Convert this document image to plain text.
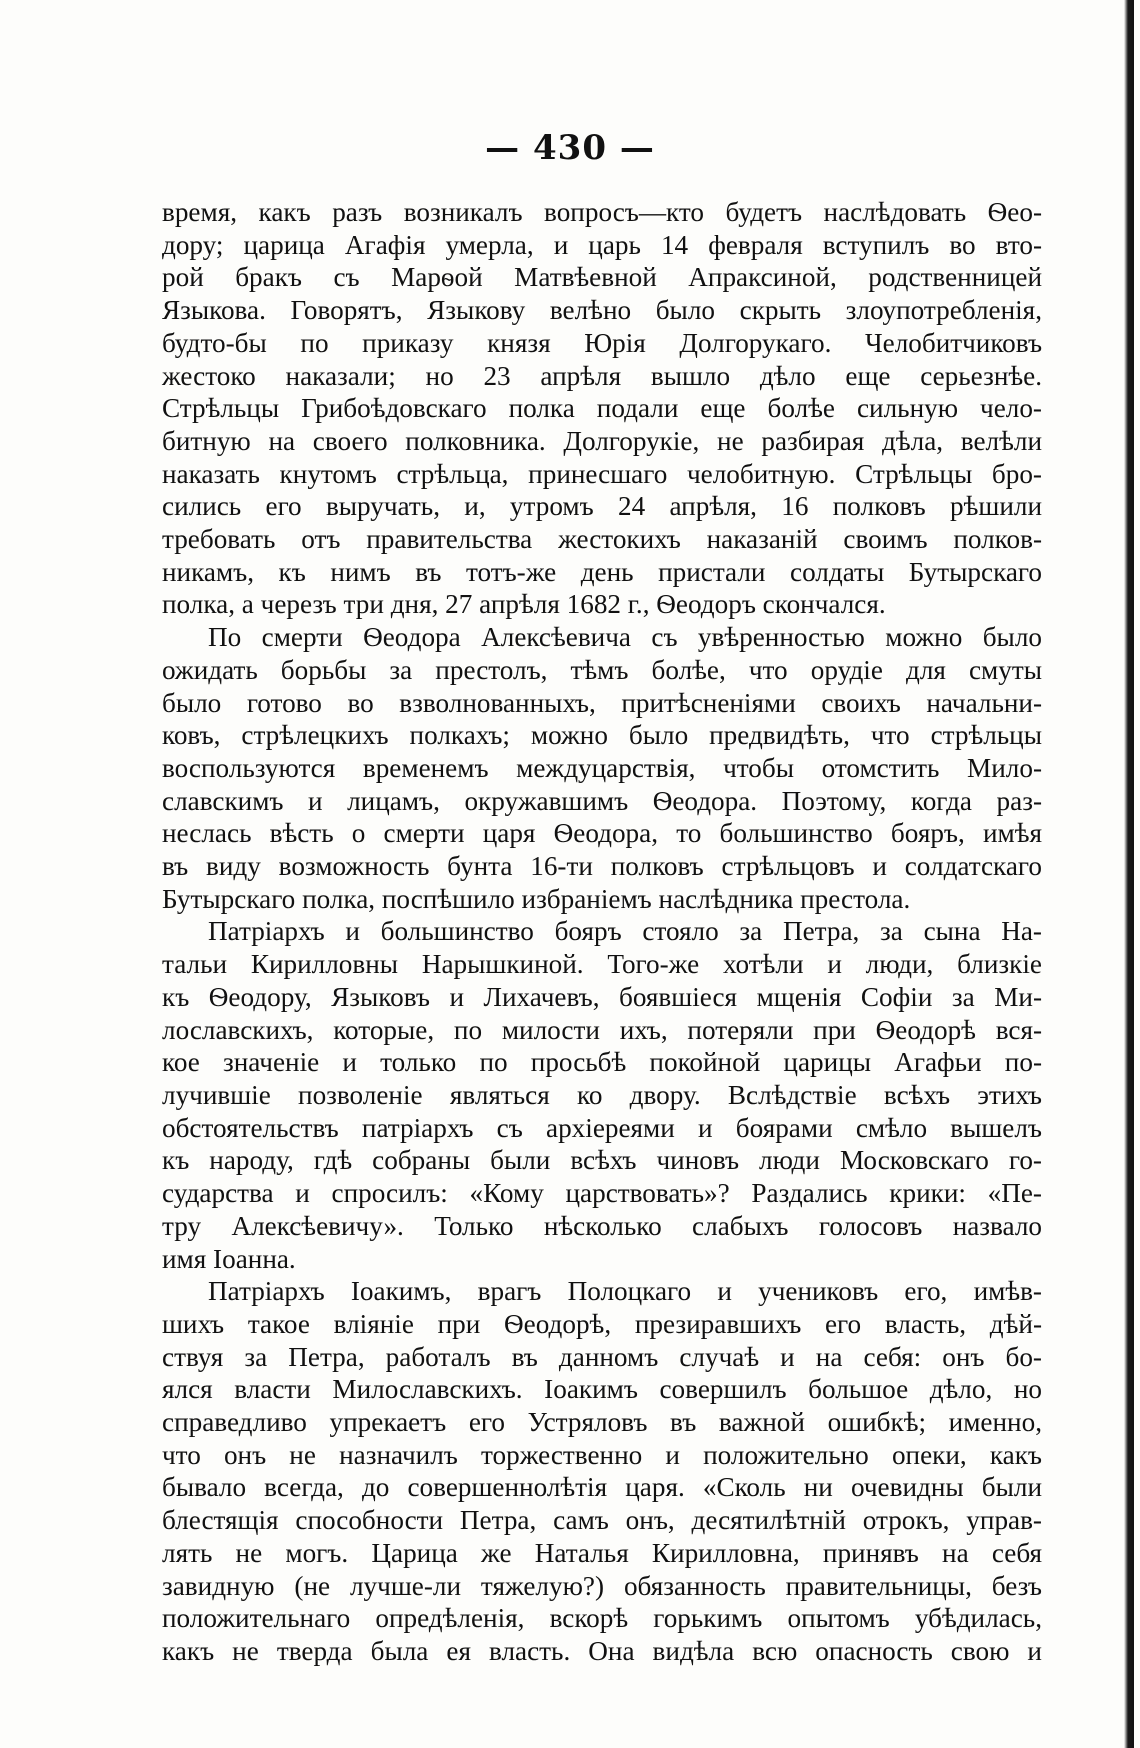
— 430 —

время, какъ разъ возникалъ вопросъ—кто будетъ наслѣдовать Ѳео-

дору; царица Агафія умерла, и царь 14 февраля вступилъ во вто-

рой бракъ съ Марѳой Матвѣевной Апраксиной, родственницей

Языкова. Говорятъ, Языкову велѣно было скрыть злоупотребленія,

будто-бы по приказу князя Юрія Долгорукаго. Челобитчиковъ

жестоко наказали; но 23 апрѣля вышло дѣло еще серьезнѣе.

Стрѣльцы Грибоѣдовскаго полка подали еще болѣе сильную чело-

битную на своего полковника. Долгорукіе, не разбирая дѣла, велѣли

наказать кнутомъ стрѣльца, принесшаго челобитную. Стрѣльцы бро-

сились его выручать, и, утромъ 24 апрѣля, 16 полковъ рѣшили

требовать отъ правительства жестокихъ наказаній своимъ полков-

никамъ, къ нимъ въ тотъ-же день пристали солдаты Бутырскаго

полка, а черезъ три дня, 27 апрѣля 1682 г., Ѳеодоръ скончался.

По смерти Ѳеодора Алексѣевича съ увѣренностью можно было

ожидать борьбы за престолъ, тѣмъ болѣе, что орудіе для смуты

было готово во взволнованныхъ, притѣсненіями своихъ начальни-

ковъ, стрѣлецкихъ полкахъ; можно было предвидѣть, что стрѣльцы

воспользуются временемъ междуцарствія, чтобы отомстить Мило-

славскимъ и лицамъ, окружавшимъ Ѳеодора. Поэтому, когда раз-

неслась вѣсть о смерти царя Ѳеодора, то большинство бояръ, имѣя

въ виду возможность бунта 16-ти полковъ стрѣльцовъ и солдатскаго

Бутырскаго полка, поспѣшило избраніемъ наслѣдника престола.

Патріархъ и большинство бояръ стояло за Петра, за сына На-

тальи Кирилловны Нарышкиной. Того-же хотѣли и люди, близкіе

къ Ѳеодору, Языковъ и Лихачевъ, боявшіеся мщенія Софіи за Ми-

лославскихъ, которые, по милости ихъ, потеряли при Ѳеодорѣ вся-

кое значеніе и только по просьбѣ покойной царицы Агафьи по-

лучившіе позволеніе являться ко двору. Вслѣдствіе всѣхъ этихъ

обстоятельствъ патріархъ съ архіереями и боярами смѣло вышелъ

къ народу, гдѣ собраны были всѣхъ чиновъ люди Московскаго го-

сударства и спросилъ: «Кому царствовать»? Раздались крики: «Пе-

тру Алексѣевичу». Только нѣсколько слабыхъ голосовъ назвало

имя Іоанна.

Патріархъ Іоакимъ, врагъ Полоцкаго и учениковъ его, имѣв-

шихъ такое вліяніе при Ѳеодорѣ, презиравшихъ его власть, дѣй-

ствуя за Петра, работалъ въ данномъ случаѣ и на себя: онъ бо-

ялся власти Милославскихъ. Іоакимъ совершилъ большое дѣло, но

справедливо упрекаетъ его Устряловъ въ важной ошибкѣ; именно,

что онъ не назначилъ торжественно и положительно опеки, какъ

бывало всегда, до совершеннолѣтія царя. «Сколь ни очевидны были

блестящія способности Петра, самъ онъ, десятилѣтній отрокъ, управ-

лять не могъ. Царица же Наталья Кирилловна, принявъ на себя

завидную (не лучше-ли тяжелую?) обязанность правительницы, безъ

положительнаго опредѣленія, вскорѣ горькимъ опытомъ убѣдилась,

какъ не тверда была ея власть. Она видѣла всю опасность свою и
